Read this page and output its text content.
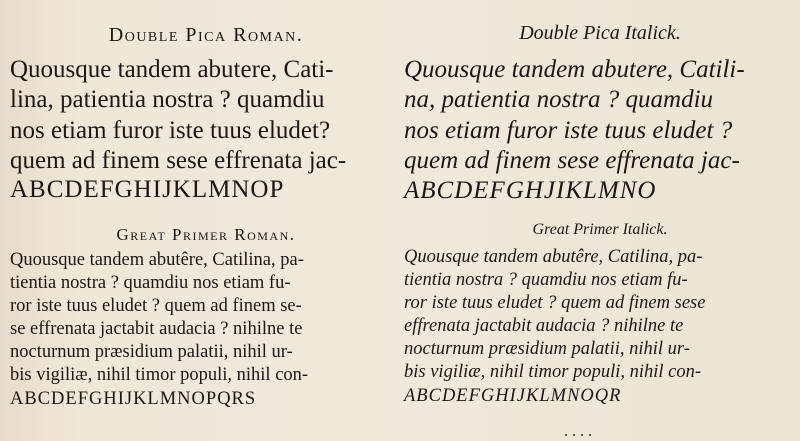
Double Pica Roman.

Quousque tandem abutere, Cati-

lina, patientia nostra ? quamdiu

nos etiam furor iste tuus eludet?

quem ad finem sese effrenata jac-

ABCDEFGHIJKLMNOP

Great Primer Roman.

Quousque tandem abutêre, Catilina, pa-

tientia nostra ? quamdiu nos etiam fu-

ror iste tuus eludet ? quem ad finem se-

se effrenata jactabit audacia ? nihilne te

nocturnum præsidium palatii, nihil ur-

bis vigiliæ, nihil timor populi, nihil con-

ABCDEFGHIJKLMNOPQRS

Double Pica Italick.

Quousque tandem abutere, Catili-

na, patientia nostra ? quamdiu

nos etiam furor iste tuus eludet ?

quem ad finem sese effrenata jac-

ABCDEFGHJIKLMNO

Great Primer Italick.

Quousque tandem abutêre, Catilina, pa-

tientia nostra ? quamdiu nos etiam fu-

ror iste tuus eludet ? quem ad finem sese

effrenata jactabit audacia ? nihilne te

nocturnum præsidium palatii, nihil ur-

bis vigiliæ, nihil timor populi, nihil con-

ABCDEFGHIJKLMNOQR
